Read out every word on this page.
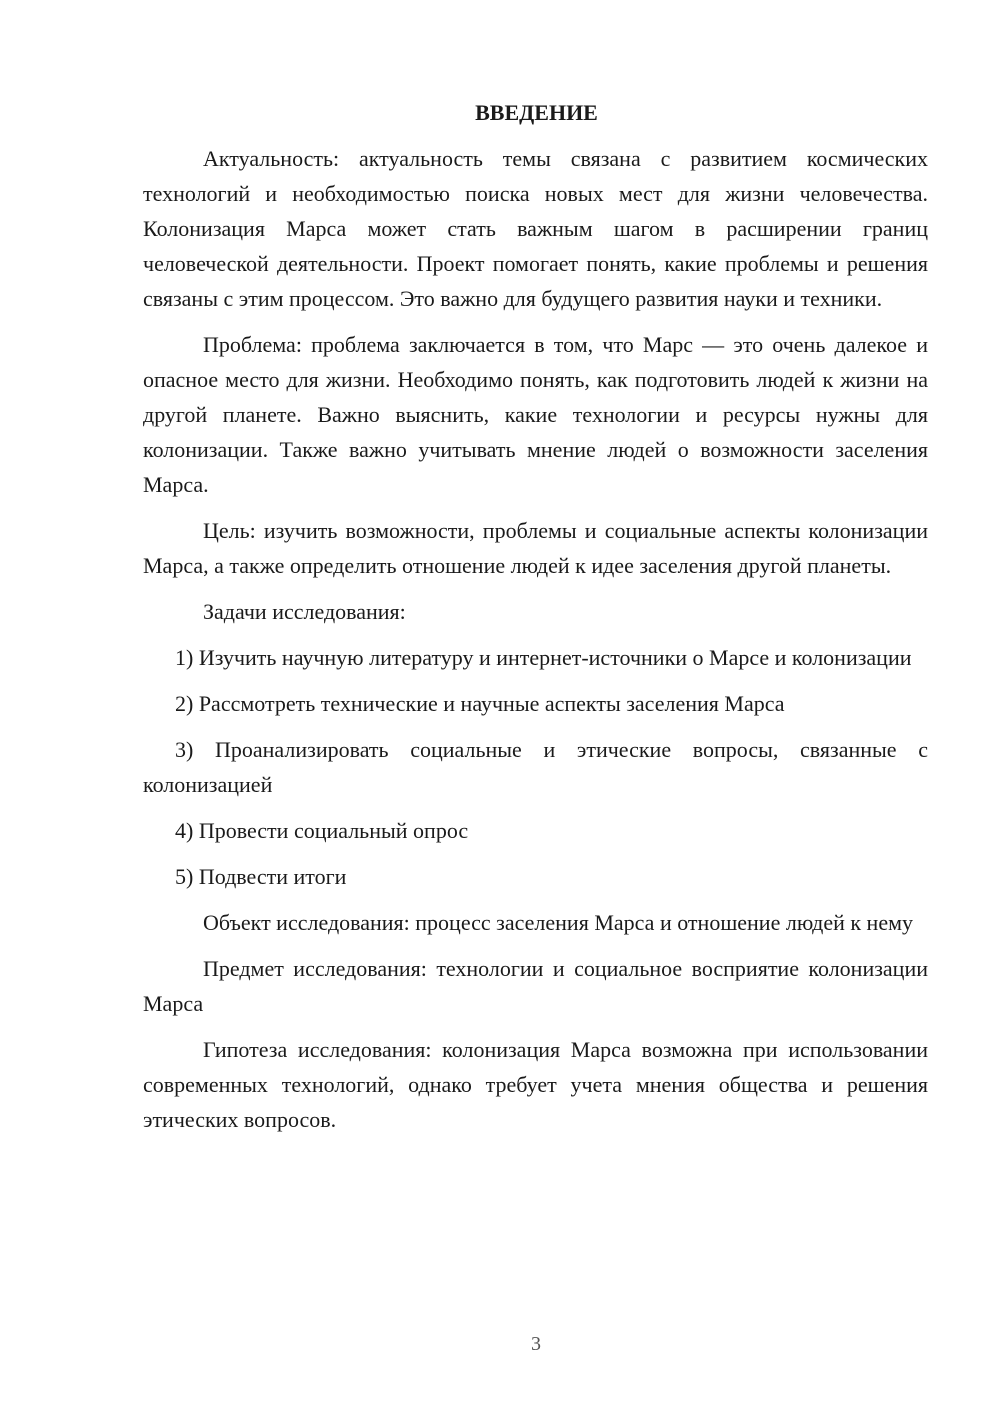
ВВЕДЕНИЕ

Актуальность: актуальность темы связана с развитием космических технологий и необходимостью поиска новых мест для жизни человечества. Колонизация Марса может стать важным шагом в расширении границ человеческой деятельности. Проект помогает понять, какие проблемы и решения связаны с этим процессом. Это важно для будущего развития науки и техники.

Проблема: проблема заключается в том, что Марс — это очень далекое и опасное место для жизни. Необходимо понять, как подготовить людей к жизни на другой планете. Важно выяснить, какие технологии и ресурсы нужны для колонизации. Также важно учитывать мнение людей о возможности заселения Марса.

Цель: изучить возможности, проблемы и социальные аспекты колонизации Марса, а также определить отношение людей к идее заселения другой планеты.

Задачи исследования:

1) Изучить научную литературу и интернет-источники о Марсе и колонизации

2) Рассмотреть технические и научные аспекты заселения Марса

3) Проанализировать социальные и этические вопросы, связанные с колонизацией

4) Провести социальный опрос

5) Подвести итоги

Объект исследования: процесс заселения Марса и отношение людей к нему

Предмет исследования: технологии и социальное восприятие колонизации Марса

Гипотеза исследования: колонизация Марса возможна при использовании современных технологий, однако требует учета мнения общества и решения этических вопросов.

3
